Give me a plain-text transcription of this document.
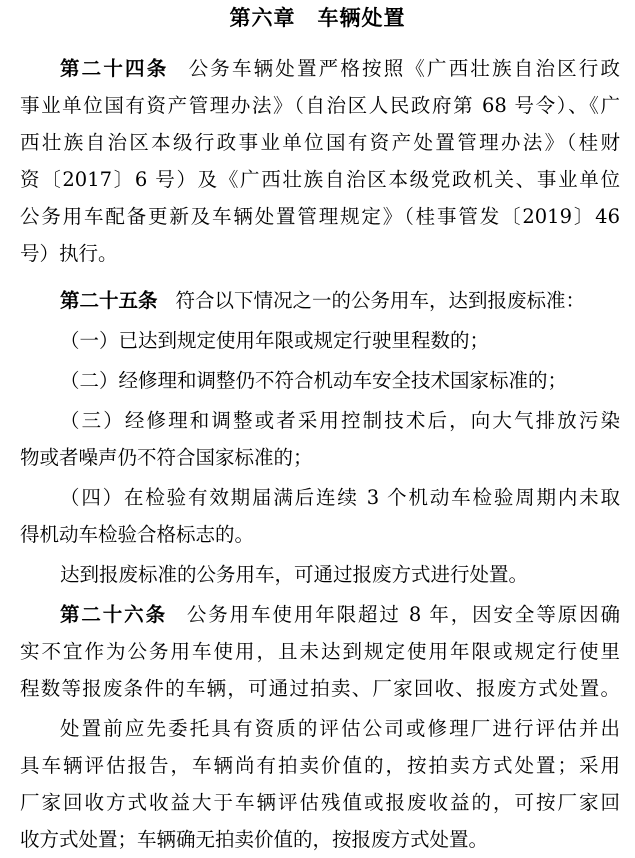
第六章　车辆处置
第二十四条 公务车辆处置严格按照《广西壮族自治区行政
事业单位国有资产管理办法》（自治区人民政府第 68 号令）、《广
西壮族自治区本级行政事业单位国有资产处置管理办法》（桂财
资〔2017〕6 号）及《广西壮族自治区本级党政机关、事业单位
公务用车配备更新及车辆处置管理规定》（桂事管发〔2019〕46
号）执行。
第二十五条 符合以下情况之一的公务用车，达到报废标准：
（一）已达到规定使用年限或规定行驶里程数的；
（二）经修理和调整仍不符合机动车安全技术国家标准的；
（三）经修理和调整或者采用控制技术后，向大气排放污染
物或者噪声仍不符合国家标准的；
（四）在检验有效期届满后连续 3 个机动车检验周期内未取
得机动车检验合格标志的。
达到报废标准的公务用车，可通过报废方式进行处置。
第二十六条 公务用车使用年限超过 8 年，因安全等原因确
实不宜作为公务用车使用，且未达到规定使用年限或规定行使里
程数等报废条件的车辆，可通过拍卖、厂家回收、报废方式处置。
处置前应先委托具有资质的评估公司或修理厂进行评估并出
具车辆评估报告，车辆尚有拍卖价值的，按拍卖方式处置；采用
厂家回收方式收益大于车辆评估残值或报废收益的，可按厂家回
收方式处置；车辆确无拍卖价值的，按报废方式处置。
